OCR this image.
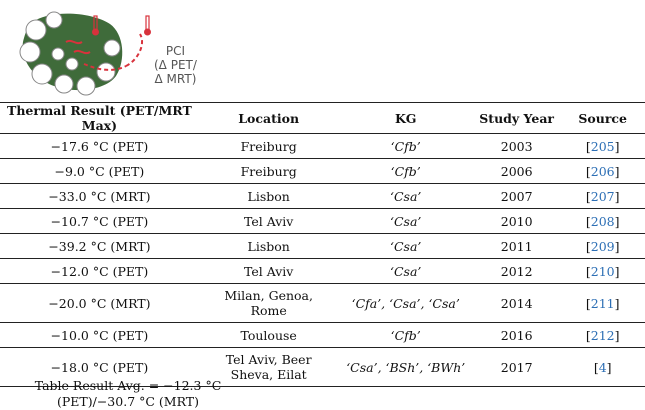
PCI
(Δ PET/
Δ MRT)
Thermal Result (PET/MRT Max)	Location	KG	Study Year	Source
−17.6 °C (PET)	Freiburg	‘Cfb’	2003	[205]
−9.0 °C (PET)	Freiburg	‘Cfb’	2006	[206]
−33.0 °C (MRT)	Lisbon	‘Csa’	2007	[207]
−10.7 °C (PET)	Tel Aviv	‘Csa’	2010	[208]
−39.2 °C (MRT)	Lisbon	‘Csa’	2011	[209]
−12.0 °C (PET)	Tel Aviv	‘Csa’	2012	[210]
−20.0 °C (MRT)	Milan, Genoa,
Rome	‘Cfa’, ‘Csa’, ‘Csa’	2014	[211]
−10.0 °C (PET)	Toulouse	‘Cfb’	2016	[212]
−18.0 °C (PET)	Tel Aviv, Beer
Sheva, Eilat	‘Csa’, ‘BSh’, ‘BWh’	2017	[4]
Table Result Avg. = −12.3 °C
(PET)/−30.7 °C (MRT)
